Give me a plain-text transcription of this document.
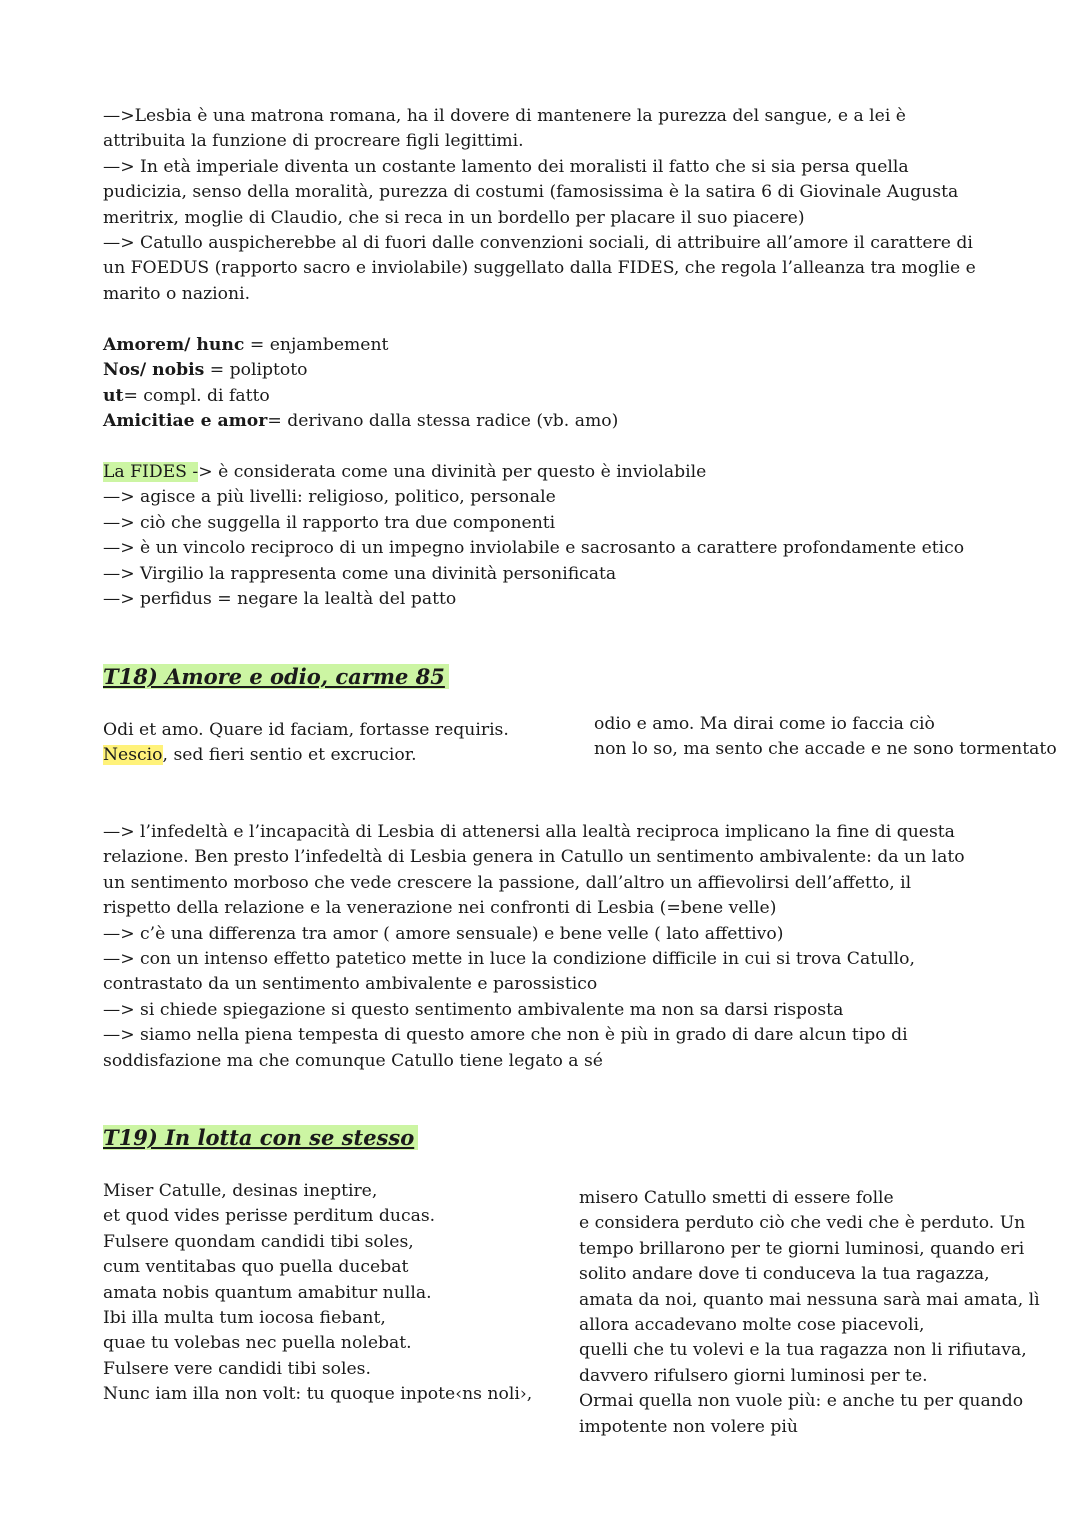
—>Lesbia è una matrona romana, ha il dovere di mantenere la purezza del sangue, e a lei è

attribuita la funzione di procreare figli legittimi.

—> In età imperiale diventa un costante lamento dei moralisti il fatto che si sia persa quella

pudicizia, senso della moralità, purezza di costumi (famosissima è la satira 6 di Giovinale Augusta

meritrix, moglie di Claudio, che si reca in un bordello per placare il suo piacere)

—> Catullo auspicherebbe al di fuori dalle convenzioni sociali, di attribuire all’amore il carattere di

un FOEDUS (rapporto sacro e inviolabile) suggellato dalla FIDES, che regola l’alleanza tra moglie e

marito o nazioni.

Amorem/ hunc = enjambement

Nos/ nobis = poliptoto

ut= compl. di fatto

Amicitiae e amor= derivano dalla stessa radice (vb. amo)

La FIDES -> è considerata come una divinità per questo è inviolabile

—> agisce a più livelli: religioso, politico, personale

—> ciò che suggella il rapporto tra due componenti

—> è un vincolo reciproco di un impegno inviolabile e sacrosanto a carattere profondamente etico

—> Virgilio la rappresenta come una divinità personificata

—> perfidus = negare la lealtà del patto

T18) Amore e odio, carme 85

Odi et amo. Quare id faciam, fortasse requiris.

Nescio, sed fieri sentio et excrucior.

odio e amo. Ma dirai come io faccia ciò

non lo so, ma sento che accade e ne sono tormentato

—> l’infedeltà e l’incapacità di Lesbia di attenersi alla lealtà reciproca implicano la fine di questa

relazione. Ben presto l’infedeltà di Lesbia genera in Catullo un sentimento ambivalente: da un lato

un sentimento morboso che vede crescere la passione, dall’altro un affievolirsi dell’affetto, il

rispetto della relazione e la venerazione nei confronti di Lesbia (=bene velle)

—> c’è una differenza tra amor ( amore sensuale) e bene velle ( lato affettivo)

—> con un intenso effetto patetico mette in luce la condizione difficile in cui si trova Catullo,

contrastato da un sentimento ambivalente e parossistico

—> si chiede spiegazione si questo sentimento ambivalente ma non sa darsi risposta

—> siamo nella piena tempesta di questo amore che non è più in grado di dare alcun tipo di

soddisfazione ma che comunque Catullo tiene legato a sé

T19) In lotta con se stesso

Miser Catulle, desinas ineptire,

et quod vides perisse perditum ducas.

Fulsere quondam candidi tibi soles,

cum ventitabas quo puella ducebat

amata nobis quantum amabitur nulla.

Ibi illa multa tum iocosa fiebant,

quae tu volebas nec puella nolebat.

Fulsere vere candidi tibi soles.

Nunc iam illa non volt: tu quoque inpote‹ns noli›,

misero Catullo smetti di essere folle

e considera perduto ciò che vedi che è perduto. Un

tempo brillarono per te giorni luminosi, quando eri

solito andare dove ti conduceva la tua ragazza,

amata da noi, quanto mai nessuna sarà mai amata, lì

allora accadevano molte cose piacevoli,

quelli che tu volevi e la tua ragazza non li rifiutava,

davvero rifulsero giorni luminosi per te.

Ormai quella non vuole più: e anche tu per quando

impotente non volere più
